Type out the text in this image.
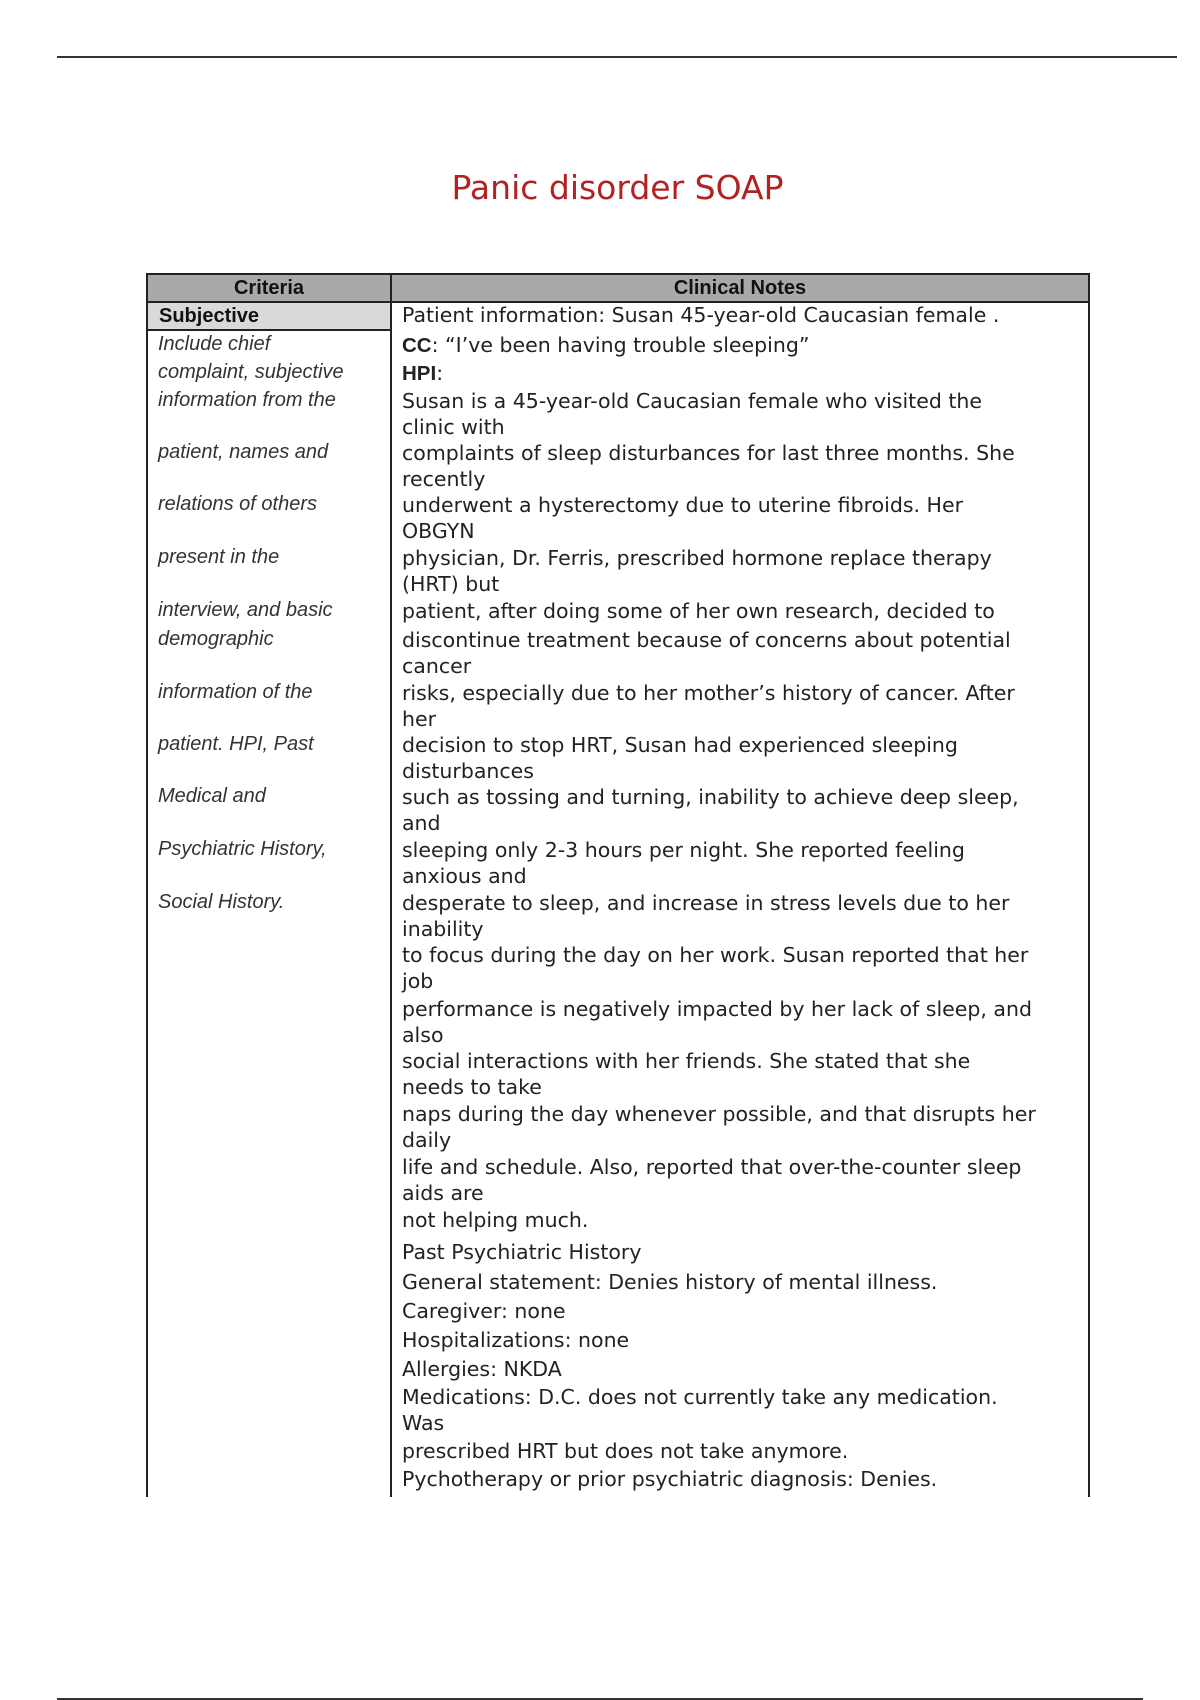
Panic disorder SOAP
Criteria	Clinical Notes
Subjective
Include chief
complaint, subjective
information from the
patient, names and
relations of others
present in the
interview, and basic
demographic
information of the
patient. HPI, Past
Medical and
Psychiatric History,
Social History.
Patient information: Susan 45-year-old Caucasian female .
CC: “I’ve been having trouble sleeping”
HPI:
Susan is a 45-year-old Caucasian female who visited the
clinic with
complaints of sleep disturbances for last three months. She
recently
underwent a hysterectomy due to uterine fibroids. Her
OBGYN
physician, Dr. Ferris, prescribed hormone replace therapy
(HRT) but
patient, after doing some of her own research, decided to
discontinue treatment because of concerns about potential
cancer
risks, especially due to her mother’s history of cancer. After
her
decision to stop HRT, Susan had experienced sleeping
disturbances
such as tossing and turning, inability to achieve deep sleep,
and
sleeping only 2-3 hours per night. She reported feeling
anxious and
desperate to sleep, and increase in stress levels due to her
inability
to focus during the day on her work. Susan reported that her
job
performance is negatively impacted by her lack of sleep, and
also
social interactions with her friends. She stated that she
needs to take
naps during the day whenever possible, and that disrupts her
daily
life and schedule. Also, reported that over-the-counter sleep
aids are
not helping much.
Past Psychiatric History
General statement: Denies history of mental illness.
Caregiver: none
Hospitalizations: none
Allergies: NKDA
Medications: D.C. does not currently take any medication.
Was
prescribed HRT but does not take anymore.
Pychotherapy or prior psychiatric diagnosis: Denies.
